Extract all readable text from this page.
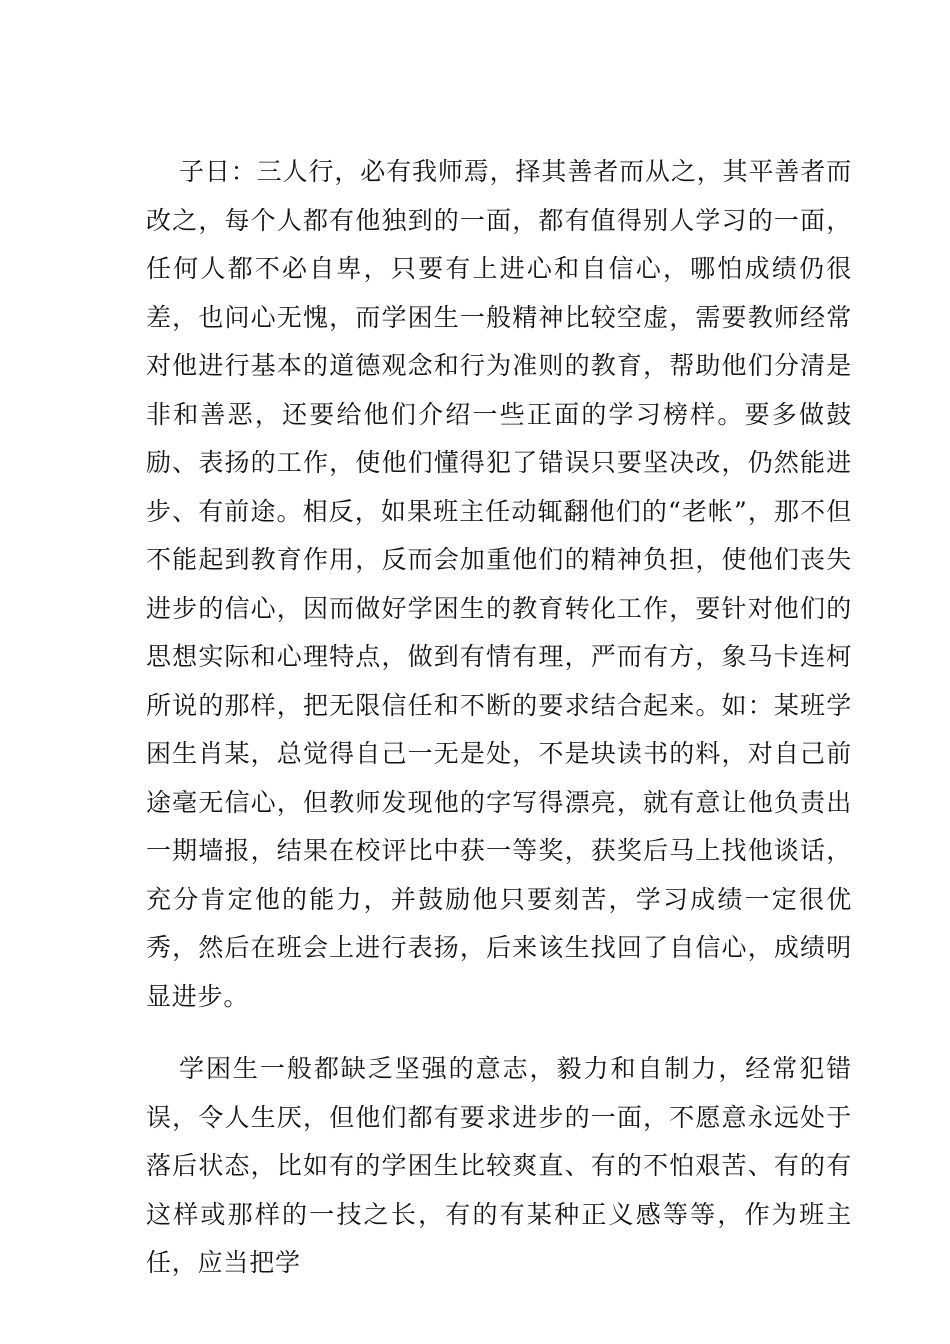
子日：三人行，必有我师焉，择其善者而从之，其平善者而改之，每个人都有他独到的一面，都有值得别人学习的一面，任何人都不必自卑，只要有上进心和自信心，哪怕成绩仍很差，也问心无愧，而学困生一般精神比较空虚，需要教师经常对他进行基本的道德观念和行为准则的教育，帮助他们分清是非和善恶，还要给他们介绍一些正面的学习榜样。要多做鼓励、表扬的工作，使他们懂得犯了错误只要坚决改，仍然能进步、有前途。相反，如果班主任动辄翻他们的“老帐”，那不但不能起到教育作用，反而会加重他们的精神负担，使他们丧失进步的信心，因而做好学困生的教育转化工作，要针对他们的思想实际和心理特点，做到有情有理，严而有方，象马卡连柯所说的那样，把无限信任和不断的要求结合起来。如：某班学困生肖某，总觉得自己一无是处，不是块读书的料，对自己前途毫无信心，但教师发现他的字写得漂亮，就有意让他负责出一期墙报，结果在校评比中获一等奖，获奖后马上找他谈话，充分肯定他的能力，并鼓励他只要刻苦，学习成绩一定很优秀，然后在班会上进行表扬，后来该生找回了自信心，成绩明显进步。

学困生一般都缺乏坚强的意志，毅力和自制力，经常犯错误，令人生厌，但他们都有要求进步的一面，不愿意永远处于落后状态，比如有的学困生比较爽直、有的不怕艰苦、有的有这样或那样的一技之长，有的有某种正义感等等，作为班主任，应当把学
